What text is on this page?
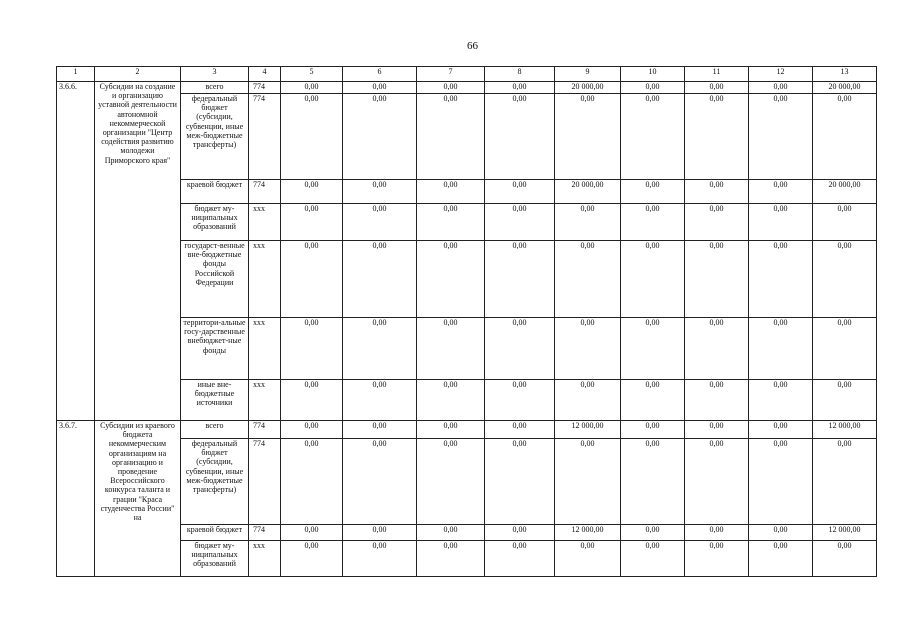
66
1	2	3	4	5	6	7	8	9	10	11	12	13
3.6.6.	Субсидии на создание и организацию уставной деятельности автономной некоммерческой организации "Центр содействия развитию молодежи Приморского края"	всего	774	0,00	0,00	0,00	0,00	20 000,00	0,00	0,00	0,00	20 000,00
		федеральный бюджет (субсидии, субвенции, иные меж-бюджетные трансферты)	774	0,00	0,00	0,00	0,00	0,00	0,00	0,00	0,00	0,00
		краевой бюджет	774	0,00	0,00	0,00	0,00	20 000,00	0,00	0,00	0,00	20 000,00
		бюджет му-ниципальных образований	ххх	0,00	0,00	0,00	0,00	0,00	0,00	0,00	0,00	0,00
		государст-венные вне-бюджетные фонды Российской Федерации	ххх	0,00	0,00	0,00	0,00	0,00	0,00	0,00	0,00	0,00
		территори-альные госу-дарственные внебюджет-ные фонды	ххх	0,00	0,00	0,00	0,00	0,00	0,00	0,00	0,00	0,00
		иные вне-бюджетные источники	ххх	0,00	0,00	0,00	0,00	0,00	0,00	0,00	0,00	0,00
3.6.7.	Субсидии из краевого бюджета некоммерческим организациям на организацию и проведение Всероссийского конкурса таланта и грации "Краса студенчества России" на	всего	774	0,00	0,00	0,00	0,00	12 000,00	0,00	0,00	0,00	12 000,00
		федеральный бюджет (субсидии, субвенции, иные меж-бюджетные трансферты)	774	0,00	0,00	0,00	0,00	0,00	0,00	0,00	0,00	0,00
		краевой бюджет	774	0,00	0,00	0,00	0,00	12 000,00	0,00	0,00	0,00	12 000,00
		бюджет му-ниципальных образований	ххх	0,00	0,00	0,00	0,00	0,00	0,00	0,00	0,00	0,00
